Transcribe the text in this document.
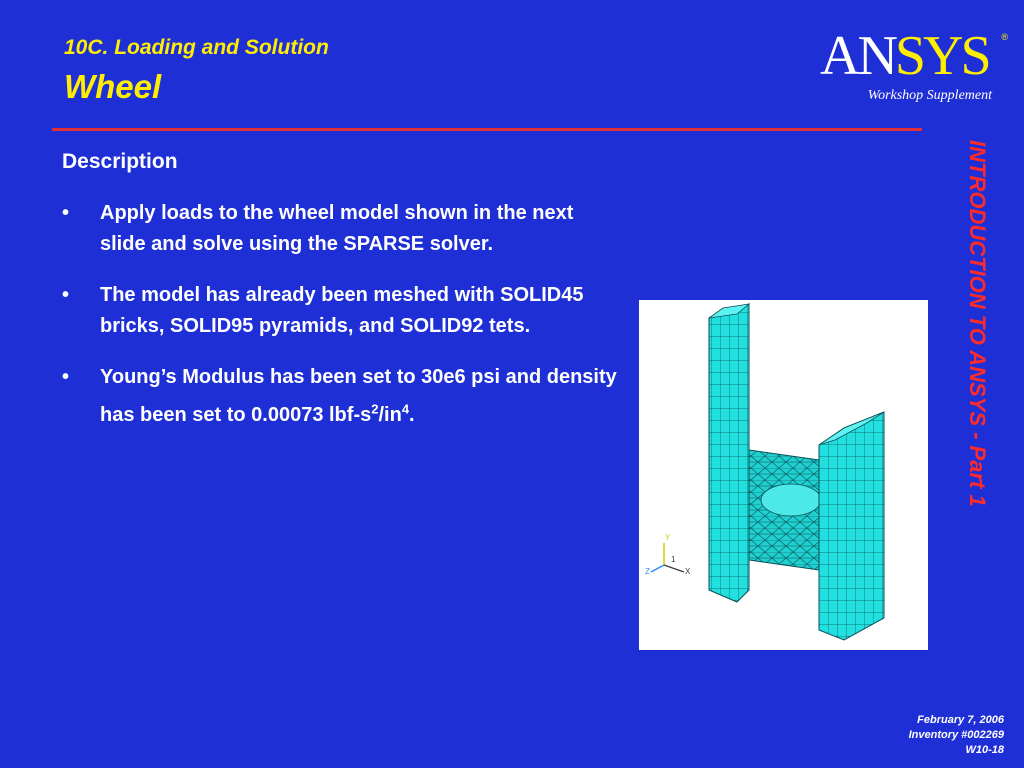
10C. Loading and Solution
Wheel	ANSYS	®
Workshop Supplement
INTRODUCTION TO ANSYS - Part 1
Description
• Apply loads to the wheel model shown in the next slide and solve using the SPARSE solver.
• The model has already been meshed with SOLID45 bricks, SOLID95 pyramids, and SOLID92 tets.
• Young’s Modulus has been set to 30e6 psi and density has been set to 0.00073 lbf-$s^2/in^4$.
Y
X
Z
1
February 7, 2006
Inventory #002269
W10-18
